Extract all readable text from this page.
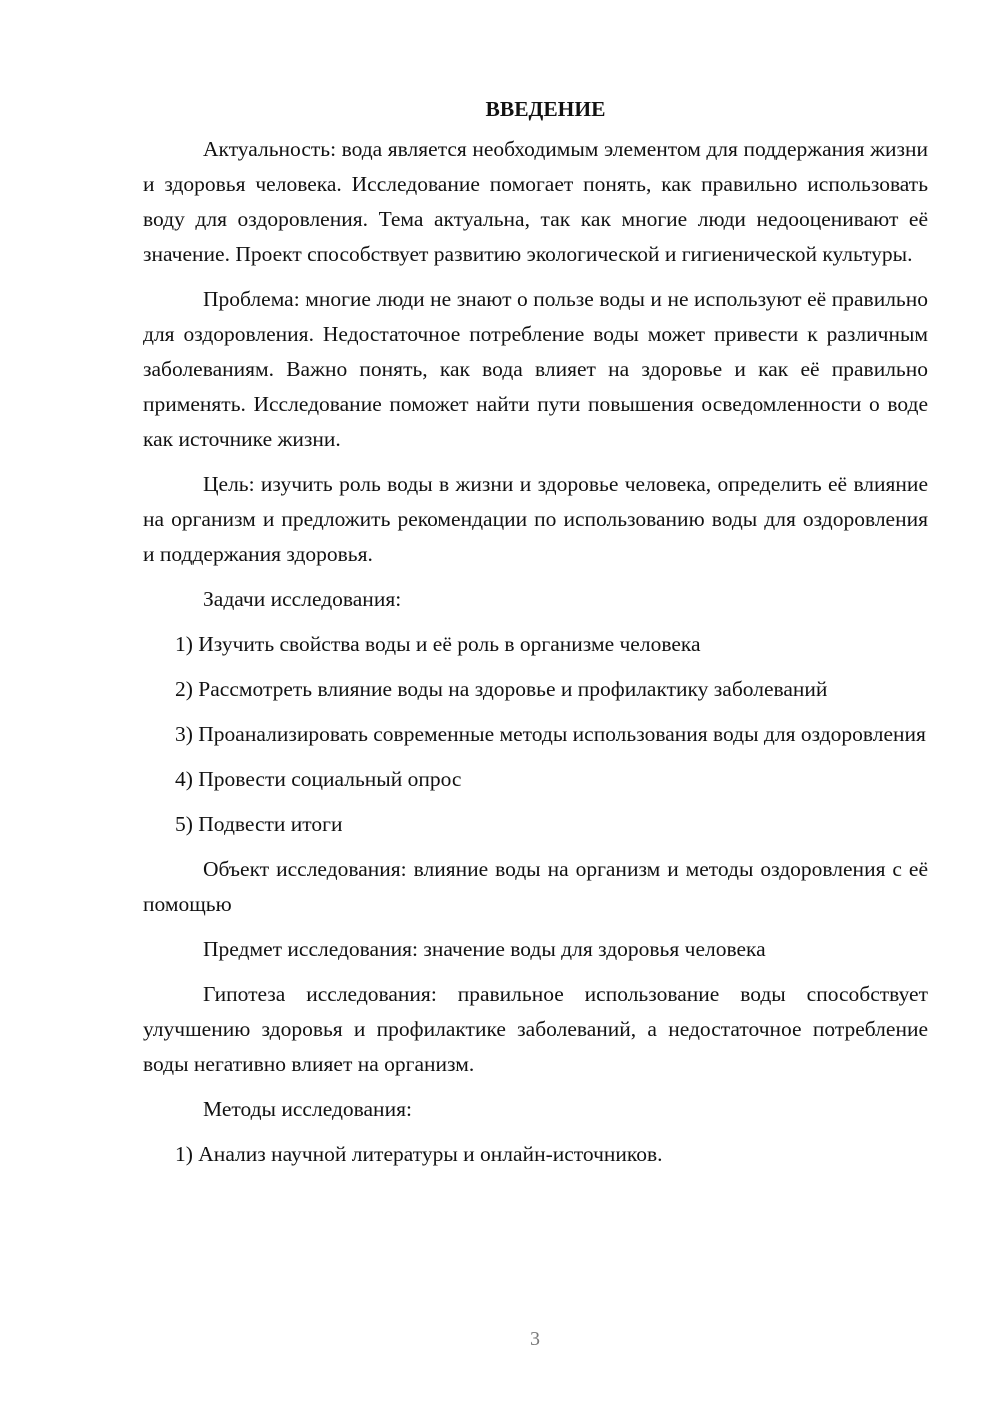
ВВЕДЕНИЕ

Актуальность: вода является необходимым элементом для поддержания жизни и здоровья человека. Исследование помогает понять, как правильно использовать воду для оздоровления. Тема актуальна, так как многие люди недооценивают её значение. Проект способствует развитию экологической и гигиенической культуры.

Проблема: многие люди не знают о пользе воды и не используют её правильно для оздоровления. Недостаточное потребление воды может привести к различным заболеваниям. Важно понять, как вода влияет на здоровье и как её правильно применять. Исследование поможет найти пути повышения осведомленности о воде как источнике жизни.

Цель: изучить роль воды в жизни и здоровье человека, определить её влияние на организм и предложить рекомендации по использованию воды для оздоровления и поддержания здоровья.

Задачи исследования:

1) Изучить свойства воды и её роль в организме человека

2) Рассмотреть влияние воды на здоровье и профилактику заболеваний

3) Проанализировать современные методы использования воды для оздоровления

4) Провести социальный опрос

5) Подвести итоги

Объект исследования: влияние воды на организм и методы оздоровления с её помощью

Предмет исследования: значение воды для здоровья человека

Гипотеза исследования: правильное использование воды способствует улучшению здоровья и профилактике заболеваний, а недостаточное потребление воды негативно влияет на организм.

Методы исследования:

1) Анализ научной литературы и онлайн-источников.

3
